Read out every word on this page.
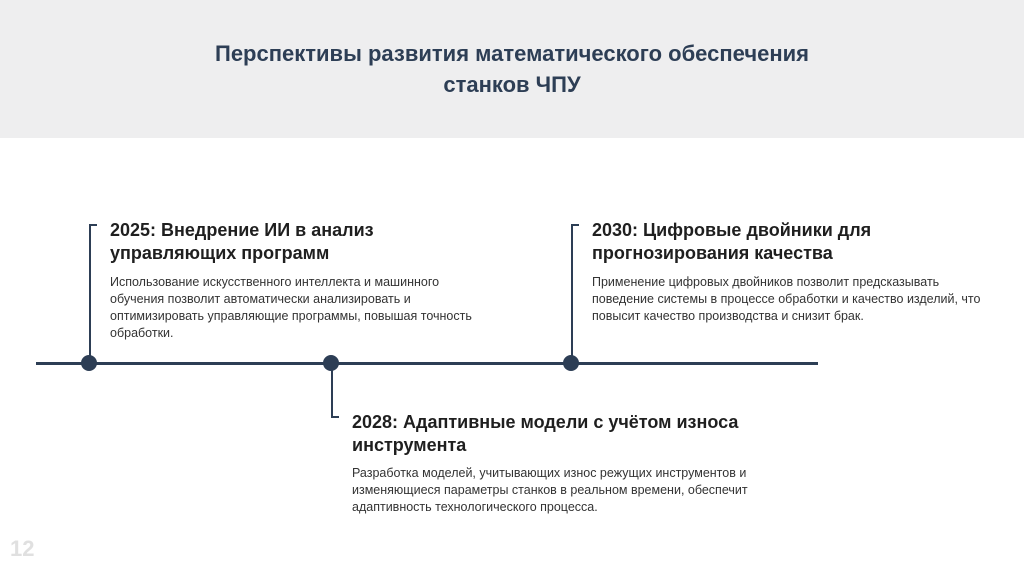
Перспективы развития математического обеспечения
станков ЧПУ
2025: Внедрение ИИ в анализ управляющих программ
Использование искусственного интеллекта и машинного обучения позволит автоматически анализировать и оптимизировать управляющие программы, повышая точность обработки.
2028: Адаптивные модели с учётом износа инструмента
Разработка моделей, учитывающих износ режущих инструментов и изменяющиеся параметры станков в реальном времени, обеспечит адаптивность технологического процесса.
2030: Цифровые двойники для прогнозирования качества
Применение цифровых двойников позволит предсказывать поведение системы в процессе обработки и качество изделий, что повысит качество производства и снизит брак.
12
